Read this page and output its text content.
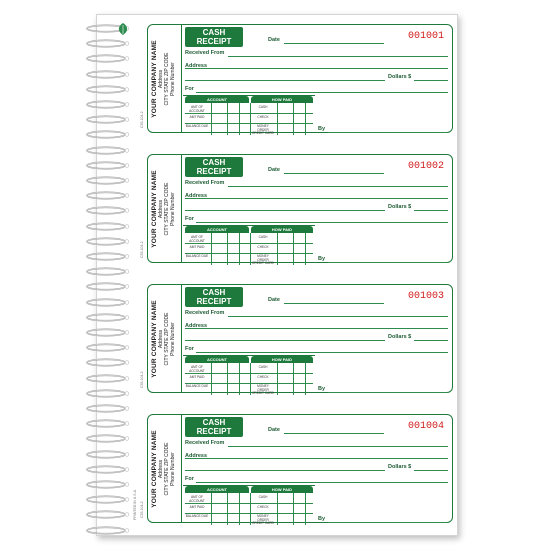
YOUR COMPANY NAME Address CITY STATE ZIP CODE Phone Number
CASH RECEIPT	001001
Date
Received From
Address
Dollars $
For
ACCOUNT	HOW PAID
AMT OF ACCOUNT
AMT PAID
BALANCE DUE
CASH
CHECK
MONEY ORDER CREDIT CARD
By
YOUR COMPANY NAME Address CITY STATE ZIP CODE Phone Number
CASH RECEIPT	001002
Date
Received From
Address
Dollars $
For
ACCOUNT	HOW PAID
AMT OF ACCOUNT
AMT PAID
BALANCE DUE
CASH
CHECK
MONEY ORDER CREDIT CARD
By
YOUR COMPANY NAME Address CITY STATE ZIP CODE Phone Number
CASH RECEIPT	001003
Date
Received From
Address
Dollars $
For
ACCOUNT	HOW PAID
AMT OF ACCOUNT
AMT PAID
BALANCE DUE
CASH
CHECK
MONEY ORDER CREDIT CARD
By
YOUR COMPANY NAME Address CITY STATE ZIP CODE Phone Number
CASH RECEIPT	001004
Date
Received From
Address
Dollars $
For
ACCOUNT	HOW PAID
AMT OF ACCOUNT
AMT PAID
BALANCE DUE
CASH
CHECK
MONEY ORDER CREDIT CARD
By
C35-104-2
C35-104-2
C35-104-2
C35-104-2
PRINTED IN U.S.A.
